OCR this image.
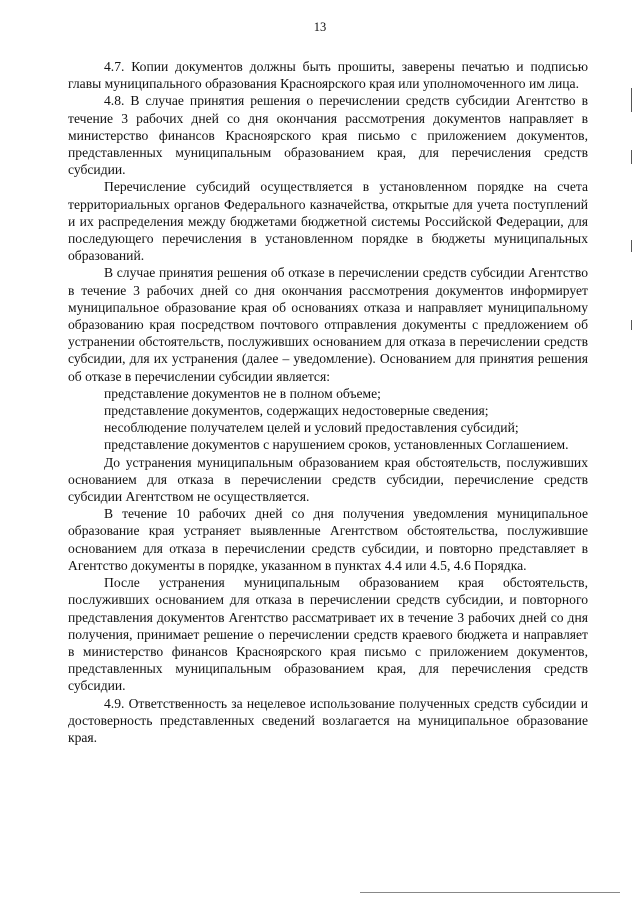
13

4.7. Копии документов должны быть прошиты, заверены печатью и подписью главы муниципального образования Красноярского края или уполномоченного им лица.

4.8. В случае принятия решения о перечислении средств субсидии Агентство в течение 3 рабочих дней со дня окончания рассмотрения документов направляет в министерство финансов Красноярского края письмо с приложением документов, представленных муниципальным образованием края, для перечисления средств субсидии.

Перечисление субсидий осуществляется в установленном порядке на счета территориальных органов Федерального казначейства, открытые для учета поступлений и их распределения между бюджетами бюджетной системы Российской Федерации, для последующего перечисления в установленном порядке в бюджеты муниципальных образований.

В случае принятия решения об отказе в перечислении средств субсидии Агентство в течение 3 рабочих дней со дня окончания рассмотрения документов информирует муниципальное образование края об основаниях отказа и направляет муниципальному образованию края посредством почтового отправления документы с предложением об устранении обстоятельств, послуживших основанием для отказа в перечислении средств субсидии, для их устранения (далее – уведомление). Основанием для принятия решения об отказе в перечислении субсидии является:

представление документов не в полном объеме;

представление документов, содержащих недостоверные сведения;

несоблюдение получателем целей и условий предоставления субсидий;

представление документов с нарушением сроков, установленных Соглашением.

До устранения муниципальным образованием края обстоятельств, послуживших основанием для отказа в перечислении средств субсидии, перечисление средств субсидии Агентством не осуществляется.

В течение 10 рабочих дней со дня получения уведомления муниципальное образование края устраняет выявленные Агентством обстоятельства, послужившие основанием для отказа в перечислении средств субсидии, и повторно представляет в Агентство документы в порядке, указанном в пунктах 4.4 или 4.5, 4.6 Порядка.

После устранения муниципальным образованием края обстоятельств, послуживших основанием для отказа в перечислении средств субсидии, и повторного представления документов Агентство рассматривает их в течение 3 рабочих дней со дня получения, принимает решение о перечислении средств краевого бюджета и направляет в министерство финансов Красноярского края письмо с приложением документов, представленных муниципальным образованием края, для перечисления средств субсидии.

4.9. Ответственность за нецелевое использование полученных средств субсидии и достоверность представленных сведений возлагается на муниципальное образование края.
